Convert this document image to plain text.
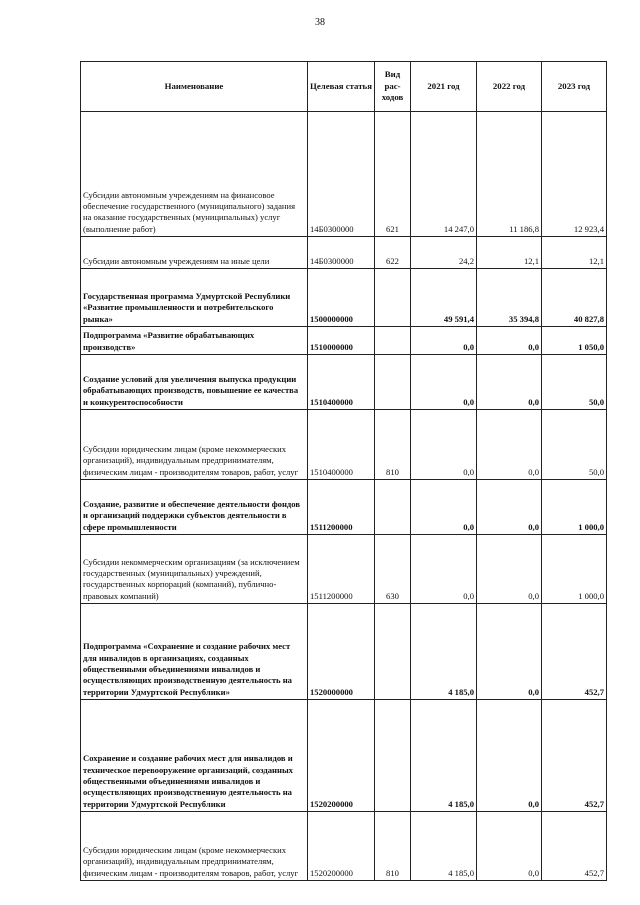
38
Наименование	Целевая статья	Вид рас-ходов	2021 год	2022 год	2023 год
Субсидии автономным учреждениям на финансовое обеспечение государственного (муниципального) задания на оказание государственных (муниципальных) услуг (выполнение работ)	14Б0300000	621	14 247,0	11 186,8	12 923,4
Субсидии автономным учреждениям на иные цели	14Б0300000	622	24,2	12,1	12,1
Государственная программа Удмуртской Республики «Развитие промышленности и потребительского рынка»	1500000000		49 591,4	35 394,8	40 827,8
Подпрограмма «Развитие обрабатывающих производств»	1510000000		0,0	0,0	1 050,0
Создание условий для увеличения выпуска продукции обрабатывающих производств, повышение ее качества и конкурентоспособности	1510400000		0,0	0,0	50,0
Субсидии юридическим лицам (кроме некоммерческих организаций), индивидуальным предпринимателям, физическим лицам - производителям товаров, работ, услуг	1510400000	810	0,0	0,0	50,0
Создание, развитие и обеспечение деятельности фондов и организаций поддержки субъектов деятельности в сфере промышленности	1511200000		0,0	0,0	1 000,0
Субсидии некоммерческим организациям (за исключением государственных (муниципальных) учреждений, государственных корпораций (компаний), публично-правовых компаний)	1511200000	630	0,0	0,0	1 000,0
Подпрограмма «Сохранение и создание рабочих мест для инвалидов в организациях, созданных общественными объединениями инвалидов и осуществляющих производственную деятельность на территории Удмуртской Республики»	1520000000		4 185,0	0,0	452,7
Сохранение и создание рабочих мест для инвалидов и техническое перевооружение организаций, созданных общественными объединениями инвалидов и осуществляющих производственную деятельность на территории Удмуртской Республики	1520200000		4 185,0	0,0	452,7
Субсидии юридическим лицам (кроме некоммерческих организаций), индивидуальным предпринимателям, физическим лицам - производителям товаров, работ, услуг	1520200000	810	4 185,0	0,0	452,7
